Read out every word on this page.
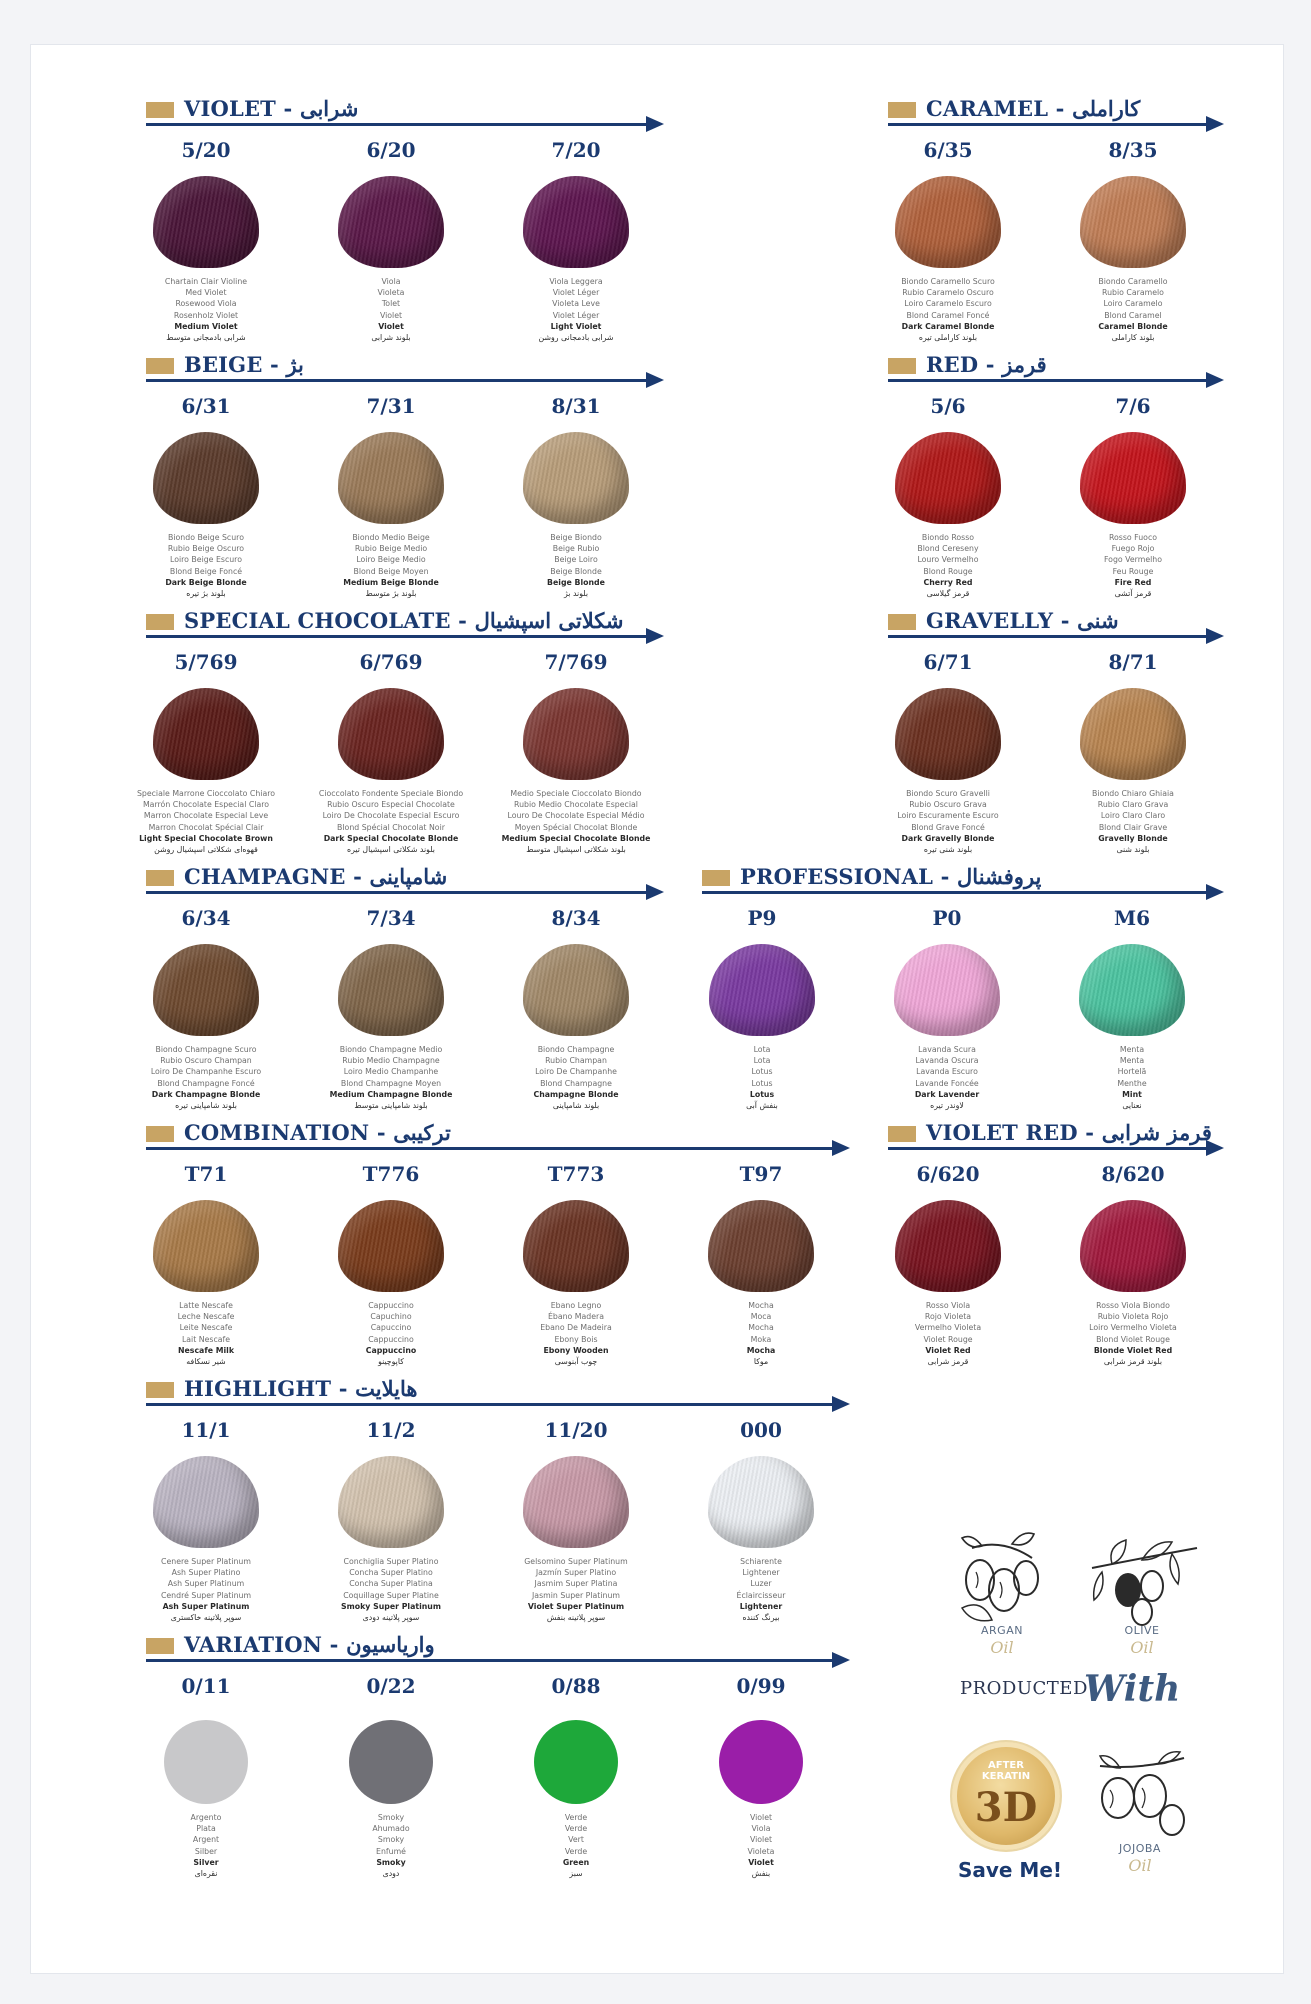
VIOLET - شرابی
5/20
Chartain Clair Violine
Med Violet
Rosewood Viola
Rosenholz Violet
Medium Violet
شرابی بادمجانی متوسط
6/20
Viola
Violeta
Tolet
Violet
Violet
بلوند شرابی
7/20
Viola Leggera
Violet Léger
Violeta Leve
Violet Léger
Light Violet
شرابی بادمجانی روشن
CARAMEL - کاراملی
6/35
Biondo Caramello Scuro
Rubio Caramelo Oscuro
Loiro Caramelo Escuro
Blond Caramel Foncé
Dark Caramel Blonde
بلوند کاراملی تیره
8/35
Biondo Caramello
Rubio Caramelo
Loiro Caramelo
Blond Caramel
Caramel Blonde
بلوند کاراملی
BEIGE - بژ
6/31
Biondo Beige Scuro
Rubio Beige Oscuro
Loiro Beige Escuro
Blond Beige Foncé
Dark Beige Blonde
بلوند بژ تیره
7/31
Biondo Medio Beige
Rubio Beige Medio
Loiro Beige Medio
Blond Beige Moyen
Medium Beige Blonde
بلوند بژ متوسط
8/31
Beige Biondo
Beige Rubio
Beige Loiro
Beige Blonde
Beige Blonde
بلوند بژ
RED - قرمز
5/6
Biondo Rosso
Blond Cereseny
Louro Vermelho
Blond Rouge
Cherry Red
قرمز گیلاسی
7/6
Rosso Fuoco
Fuego Rojo
Fogo Vermelho
Feu Rouge
Fire Red
قرمز آتشی
SPECIAL CHOCOLATE - شکلاتی اسپشیال
5/769
Speciale Marrone Cioccolato Chiaro
Marrón Chocolate Especial Claro
Marron Chocolate Especial Leve
Marron Chocolat Spécial Clair
Light Special Chocolate Brown
قهوه‌ای شکلاتی اسپشیال روشن
6/769
Cioccolato Fondente Speciale Biondo
Rubio Oscuro Especial Chocolate
Loiro De Chocolate Especial Escuro
Blond Spécial Chocolat Noir
Dark Special Chocolate Blonde
بلوند شکلاتی اسپشیال تیره
7/769
Medio Speciale Cioccolato Biondo
Rubio Medio Chocolate Especial
Louro De Chocolate Especial Médio
Moyen Spécial Chocolat Blonde
Medium Special Chocolate Blonde
بلوند شکلاتی اسپشیال متوسط
GRAVELLY - شنی
6/71
Biondo Scuro Gravelli
Rubio Oscuro Grava
Loiro Escuramente Escuro
Blond Grave Foncé
Dark Gravelly Blonde
بلوند شنی تیره
8/71
Biondo Chiaro Ghiaia
Rubio Claro Grava
Loiro Claro Claro
Blond Clair Grave
Gravelly Blonde
بلوند شنی
CHAMPAGNE - شامپاینی
6/34
Biondo Champagne Scuro
Rubio Oscuro Champan
Loiro De Champanhe Escuro
Blond Champagne Foncé
Dark Champagne Blonde
بلوند شامپاینی تیره
7/34
Biondo Champagne Medio
Rubio Medio Champagne
Loiro Medio Champanhe
Blond Champagne Moyen
Medium Champagne Blonde
بلوند شامپاینی متوسط
8/34
Biondo Champagne
Rubio Champan
Loiro De Champanhe
Blond Champagne
Champagne Blonde
بلوند شامپاینی
PROFESSIONAL - پروفشنال
P9
Lota
Lota
Lotus
Lotus
Lotus
بنفش آبی
P0
Lavanda Scura
Lavanda Oscura
Lavanda Escuro
Lavande Foncée
Dark Lavender
لاوندر تیره
M6
Menta
Menta
Hortelã
Menthe
Mint
نعنایی
COMBINATION - ترکیبی
T71
Latte Nescafe
Leche Nescafe
Leite Nescafe
Lait Nescafe
Nescafe Milk
شیر نسکافه
T776
Cappuccino
Capuchino
Capuccino
Cappuccino
Cappuccino
کاپوچینو
T773
Ebano Legno
Ébano Madera
Ebano De Madeira
Ebony Bois
Ebony Wooden
چوب آبنوسی
T97
Mocha
Moca
Mocha
Moka
Mocha
موکا
VIOLET RED - قرمز شرابی
6/620
Rosso Viola
Rojo Violeta
Vermelho Violeta
Violet Rouge
Violet Red
قرمز شرابی
8/620
Rosso Viola Biondo
Rubio Violeta Rojo
Loiro Vermelho Violeta
Blond Violet Rouge
Blonde Violet Red
بلوند قرمز شرابی
HIGHLIGHT - هایلایت
11/1
Cenere Super Platinum
Ash Super Platino
Ash Super Platinum
Cendré Super Platinum
Ash Super Platinum
سوپر پلاتینه خاکستری
11/2
Conchiglia Super Platino
Concha Super Platino
Concha Super Platina
Coquillage Super Platine
Smoky Super Platinum
سوپر پلاتینه دودی
11/20
Gelsomino Super Platinum
Jazmín Super Platino
Jasmim Super Platina
Jasmin Super Platinum
Violet Super Platinum
سوپر پلاتینه بنفش
000
Schiarente
Lightener
Luzer
Éclaircisseur
Lightener
بیرنگ کننده
VARIATION - واریاسیون
0/11
Argento
Plata
Argent
Silber
Silver
نقره‌ای
0/22
Smoky
Ahumado
Smoky
Enfumé
Smoky
دودی
0/88
Verde
Verde
Vert
Verde
Green
سبز
0/99
Violet
Viola
Violet
Violeta
Violet
بنفش
ARGAN
Oil
OLIVE
Oil
PRODUCTED
With
AFTER
KERATIN
3D
Save Me!
JOJOBA
Oil
